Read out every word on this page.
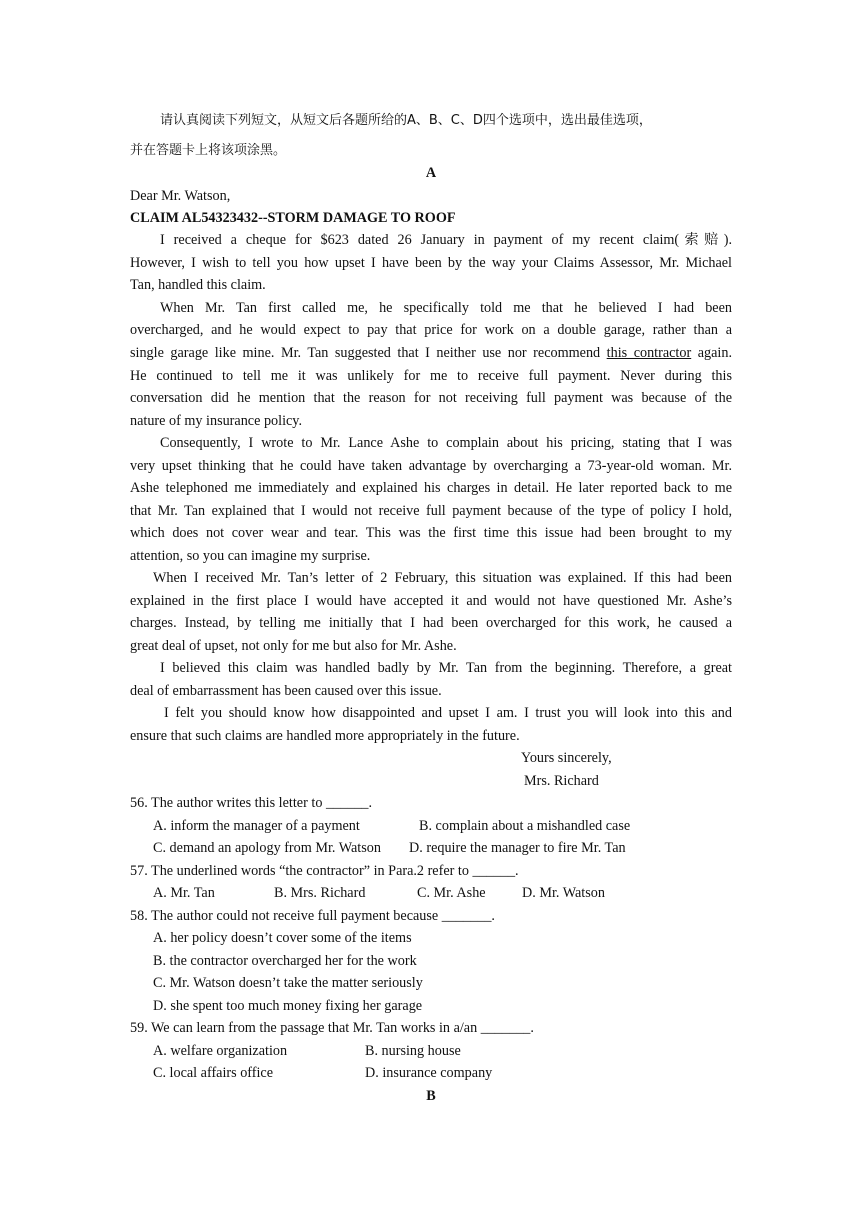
请认真阅读下列短文，从短文后各题所给的A、B、C、D四个选项中，选出最佳选项，
并在答题卡上将该项涂黑。
A
Dear Mr. Watson,
CLAIM AL54323432--STORM DAMAGE TO ROOF
I received a cheque for $623 dated 26 January in payment of my recent claim(索赔).
However, I wish to tell you how upset I have been by the way your Claims Assessor, Mr. Michael
Tan, handled this claim.
When Mr. Tan first called me, he specifically told me that he believed I had been
overcharged, and he would expect to pay that price for work on a double garage, rather than a
single garage like mine. Mr. Tan suggested that I neither use nor recommend this contractor again.
He continued to tell me it was unlikely for me to receive full payment. Never during this
conversation did he mention that the reason for not receiving full payment was because of the
nature of my insurance policy.
Consequently, I wrote to Mr. Lance Ashe to complain about his pricing, stating that I was
very upset thinking that he could have taken advantage by overcharging a 73-year-old woman. Mr.
Ashe telephoned me immediately and explained his charges in detail. He later reported back to me
that Mr. Tan explained that I would not receive full payment because of the type of policy I hold,
which does not cover wear and tear. This was the first time this issue had been brought to my
attention, so you can imagine my surprise.
When I received Mr. Tan’s letter of 2 February, this situation was explained. If this had been
explained in the first place I would have accepted it and would not have questioned Mr. Ashe’s
charges. Instead, by telling me initially that I had been overcharged for this work, he caused a
great deal of upset, not only for me but also for Mr. Ashe.
I believed this claim was handled badly by Mr. Tan from the beginning. Therefore, a great
deal of embarrassment has been caused over this issue.
I felt you should know how disappointed and upset I am. I trust you will look into this and
ensure that such claims are handled more appropriately in the future.
Yours sincerely,
Mrs. Richard
56. The author writes this letter to ______.
A. inform the manager of a payment	B. complain about a mishandled case
C. demand an apology from Mr. Watson D. require the manager to fire Mr. Tan
57. The underlined words “the contractor” in Para.2 refer to ______.
A. Mr. Tan	B. Mrs. Richard	C. Mr. Ashe	D. Mr. Watson
58. The author could not receive full payment because _______.
A. her policy doesn’t cover some of the items
B. the contractor overcharged her for the work
C. Mr. Watson doesn’t take the matter seriously
D. she spent too much money fixing her garage
59. We can learn from the passage that Mr. Tan works in a/an _______.
A. welfare organization	B. nursing house
C. local affairs office	D. insurance company
B
